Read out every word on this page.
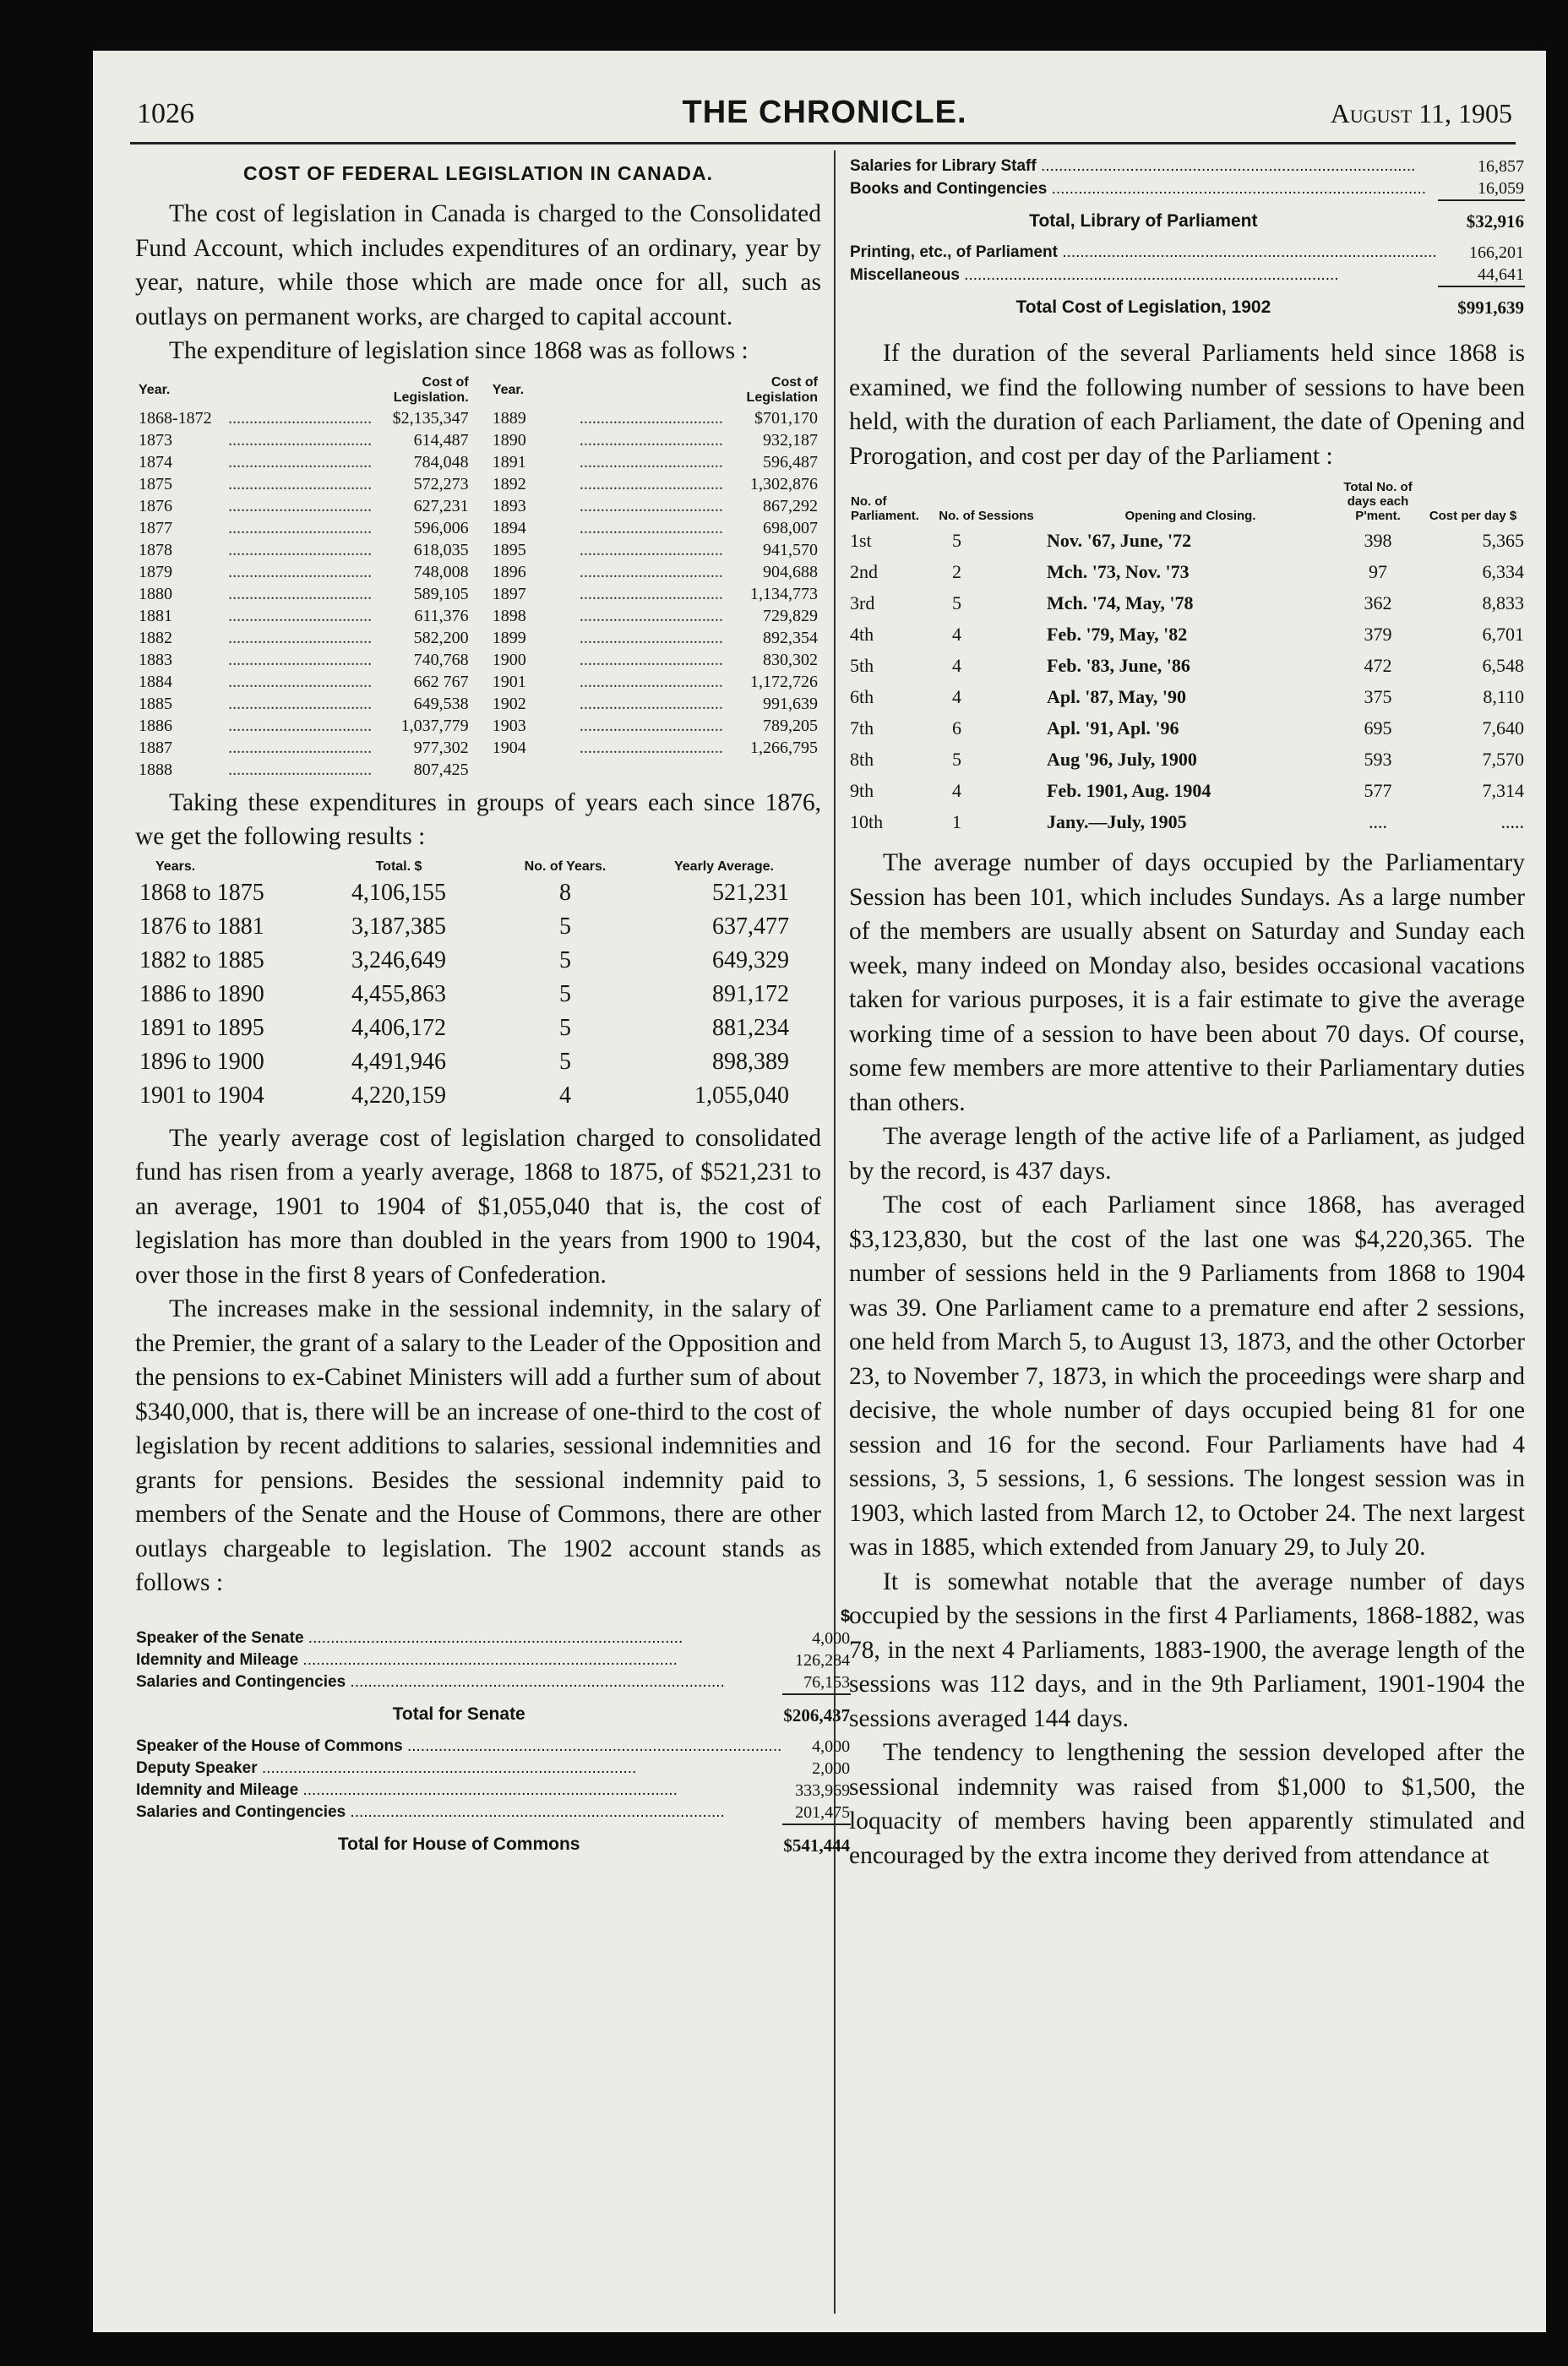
1026	THE CHRONICLE.	August 11, 1905
COST OF FEDERAL LEGISLATION IN CANADA.

The cost of legislation in Canada is charged to the Consolidated Fund Account, which includes expenditures of an ordinary, year by year, nature, while those which are made once for all, such as outlays on permanent works, are charged to capital account.

The expenditure of legislation since 1868 was as follows :

Year.		Cost of Legislation.		Year.		Cost of Legislation
1868-1872	..................................	$2,135,347		1889	..................................	$701,170
1873	..................................	614,487		1890	..................................	932,187
1874	..................................	784,048		1891	..................................	596,487
1875	..................................	572,273		1892	..................................	1,302,876
1876	..................................	627,231		1893	..................................	867,292
1877	..................................	596,006		1894	..................................	698,007
1878	..................................	618,035		1895	..................................	941,570
1879	..................................	748,008		1896	..................................	904,688
1880	..................................	589,105		1897	..................................	1,134,773
1881	..................................	611,376		1898	..................................	729,829
1882	..................................	582,200		1899	..................................	892,354
1883	..................................	740,768		1900	..................................	830,302
1884	..................................	662 767		1901	..................................	1,172,726
1885	..................................	649,538		1902	..................................	991,639
1886	..................................	1,037,779		1903	..................................	789,205
1887	..................................	977,302		1904	..................................	1,266,795
1888	..................................	807,425				

Taking these expenditures in groups of years each since 1876, we get the following results :

Years.	Total. $	No. of Years.	Yearly Average.
1868 to 1875	4,106,155	8	521,231
1876 to 1881	3,187,385	5	637,477
1882 to 1885	3,246,649	5	649,329
1886 to 1890	4,455,863	5	891,172
1891 to 1895	4,406,172	5	881,234
1896 to 1900	4,491,946	5	898,389
1901 to 1904	4,220,159	4	1,055,040

The yearly average cost of legislation charged to consolidated fund has risen from a yearly average, 1868 to 1875, of $521,231 to an average, 1901 to 1904 of $1,055,040 that is, the cost of legislation has more than doubled in the years from 1900 to 1904, over those in the first 8 years of Confederation.

The increases make in the sessional indemnity, in the salary of the Premier, the grant of a salary to the Leader of the Opposition and the pensions to ex-Cabinet Ministers will add a further sum of about $340,000, that is, there will be an increase of one-third to the cost of legislation by recent additions to salaries, sessional indemnities and grants for pensions. Besides the sessional indemnity paid to members of the Senate and the House of Commons, there are other outlays chargeable to legislation. The 1902 account stands as follows :

	$
Speaker of the Senate ....................................................................................	4,000
Idemnity and Mileage ....................................................................................	126,284
Salaries and Contingencies ....................................................................................	76,153
Total for Senate	$206,437
Speaker of the House of Commons ....................................................................................	4,000
Deputy Speaker ....................................................................................	2,000
Idemnity and Mileage ....................................................................................	333,969
Salaries and Contingencies ....................................................................................	201,475
Total for House of Commons	$541,444
Salaries for Library Staff ....................................................................................	16,857
Books and Contingencies ....................................................................................	16,059
Total, Library of Parliament	$32,916
Printing, etc., of Parliament ....................................................................................	166,201
Miscellaneous ....................................................................................	44,641
Total Cost of Legislation, 1902	$991,639

If the duration of the several Parliaments held since 1868 is examined, we find the following number of sessions to have been held, with the duration of each Parliament, the date of Opening and Prorogation, and cost per day of the Parliament :

No. of Parliament.	No. of Sessions	Opening and Closing.	Total No. of days each P'ment.	Cost per day $
1st	5	Nov. '67, June, '72	398	5,365
2nd	2	Mch. '73, Nov. '73	97	6,334
3rd	5	Mch. '74, May, '78	362	8,833
4th	4	Feb. '79, May, '82	379	6,701
5th	4	Feb. '83, June, '86	472	6,548
6th	4	Apl. '87, May, '90	375	8,110
7th	6	Apl. '91, Apl. '96	695	7,640
8th	5	Aug '96, July, 1900	593	7,570
9th	4	Feb. 1901, Aug. 1904	577	7,314
10th	1	Jany.—July, 1905	....	.....

The average number of days occupied by the Parliamentary Session has been 101, which includes Sundays. As a large number of the members are usually absent on Saturday and Sunday each week, many indeed on Monday also, besides occasional vacations taken for various purposes, it is a fair estimate to give the average working time of a session to have been about 70 days. Of course, some few members are more attentive to their Parliamentary duties than others.

The average length of the active life of a Parliament, as judged by the record, is 437 days.

The cost of each Parliament since 1868, has averaged $3,123,830, but the cost of the last one was $4,220,365. The number of sessions held in the 9 Parliaments from 1868 to 1904 was 39. One Parliament came to a premature end after 2 sessions, one held from March 5, to August 13, 1873, and the other Octorber 23, to November 7, 1873, in which the proceedings were sharp and decisive, the whole number of days occupied being 81 for one session and 16 for the second. Four Parliaments have had 4 sessions, 3, 5 sessions, 1, 6 sessions. The longest session was in 1903, which lasted from March 12, to October 24. The next largest was in 1885, which extended from January 29, to July 20.

It is somewhat notable that the average number of days occupied by the sessions in the first 4 Parliaments, 1868-1882, was 78, in the next 4 Parliaments, 1883-1900, the average length of the sessions was 112 days, and in the 9th Parliament, 1901-1904 the sessions averaged 144 days.

The tendency to lengthening the session developed after the sessional indemnity was raised from $1,000 to $1,500, the loquacity of members having been apparently stimulated and encouraged by the extra income they derived from attendance at
